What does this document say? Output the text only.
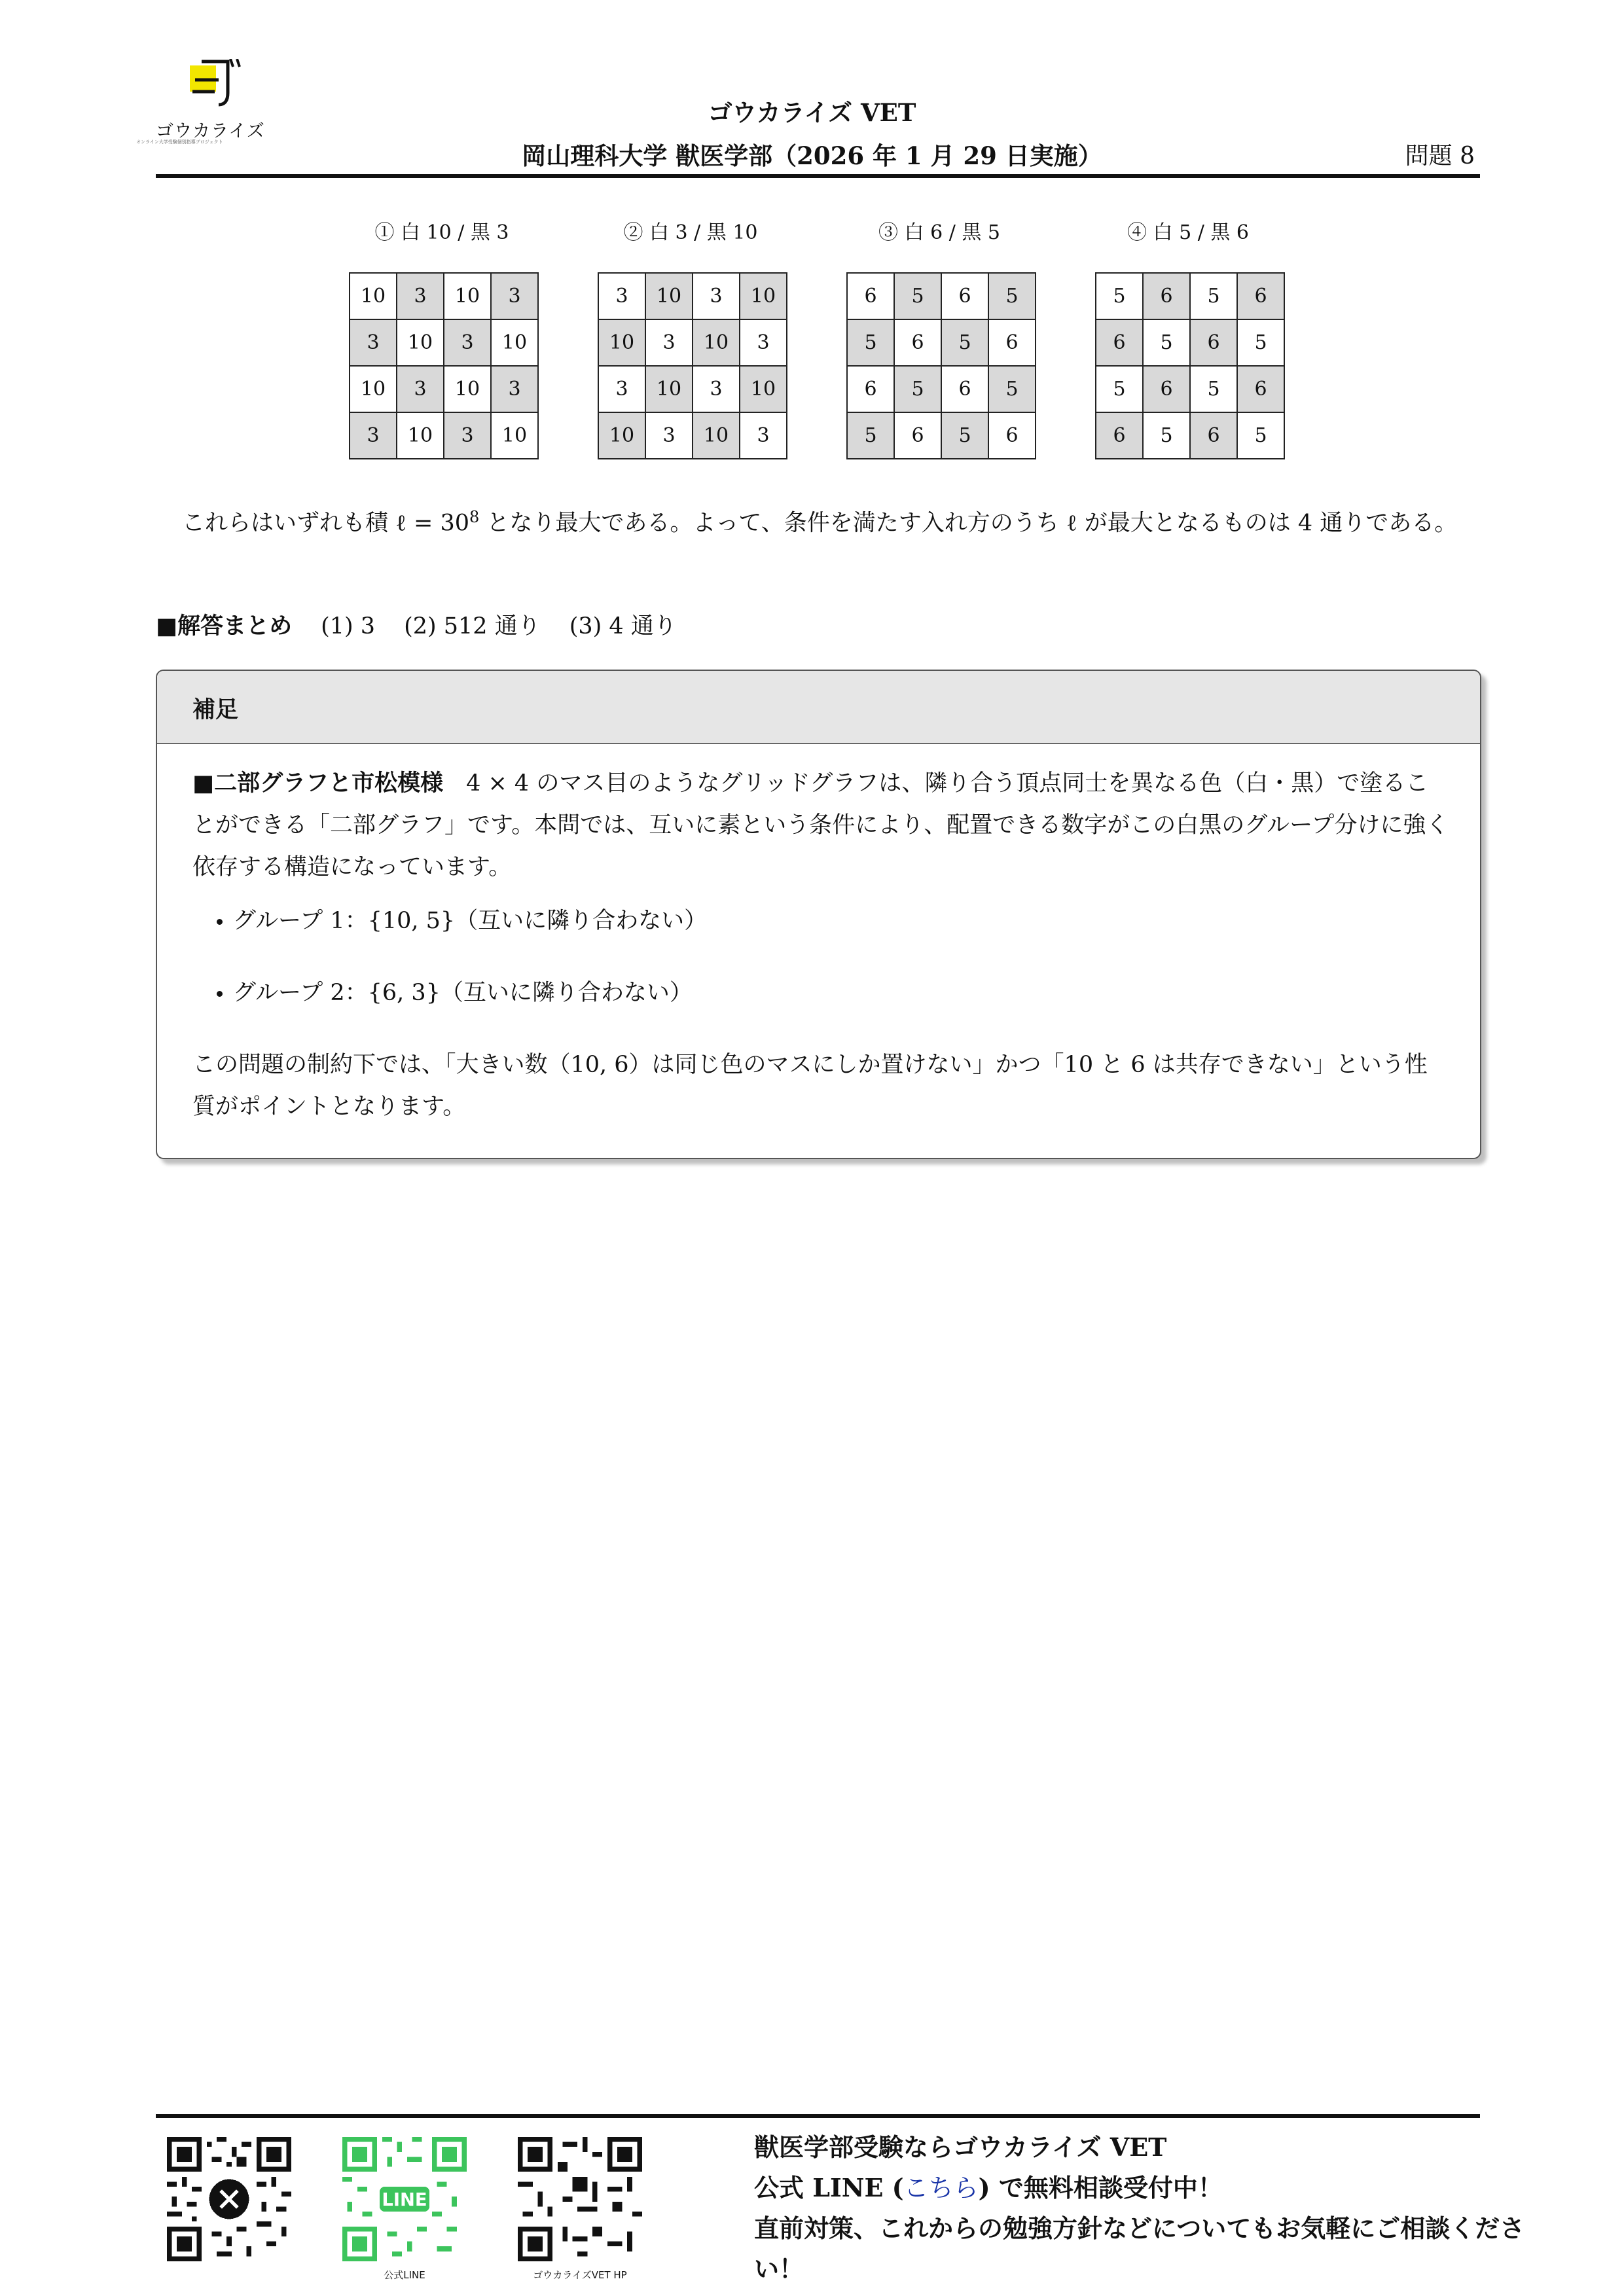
ゴウカライズ
オンライン大学受験個別指導プロジェクト
ゴウカライズ VET
岡山理科大学 獣医学部（2026 年 1 月 29 日実施）	問題 8
① 白 10 / 黒 3
10	3	10	3
3	10	3	10
10	3	10	3
3	10	3	10
② 白 3 / 黒 10
3	10	3	10
10	3	10	3
3	10	3	10
10	3	10	3
③ 白 6 / 黒 5
6	5	6	5
5	6	5	6
6	5	6	5
5	6	5	6
④ 白 5 / 黒 6
5	6	5	6
6	5	6	5
5	6	5	6
6	5	6	5
これらはいずれも積 ℓ = $30^8$ となり最大である。よって、条件を満たす入れ方のうち ℓ が最大となるものは 4 通りである。
■解答まとめ (1) 3 (2) 512 通り (3) 4 通り
補足
■二部グラフと市松模様　4 × 4 のマス目のようなグリッドグラフは、隣り合う頂点同士を異なる色（白・黒）で塗ることができる「二部グラフ」です。本問では、互いに素という条件により、配置できる数字がこの白黒のグループ分けに強く依存する構造になっています。
• グループ 1：{10, 5}（互いに隣り合わない）
• グループ 2：{6, 3}（互いに隣り合わない）
この問題の制約下では、「大きい数（10, 6）は同じ色のマスにしか置けない」かつ「10 と 6 は共存できない」という性質がポイントとなります。
LINE
公式LINE	ゴウカライズVET HP
獣医学部受験ならゴウカライズ VET
公式 LINE (こちら) で無料相談受付中！
直前対策、これからの勉強方針などについてもお気軽にご相談ください！
